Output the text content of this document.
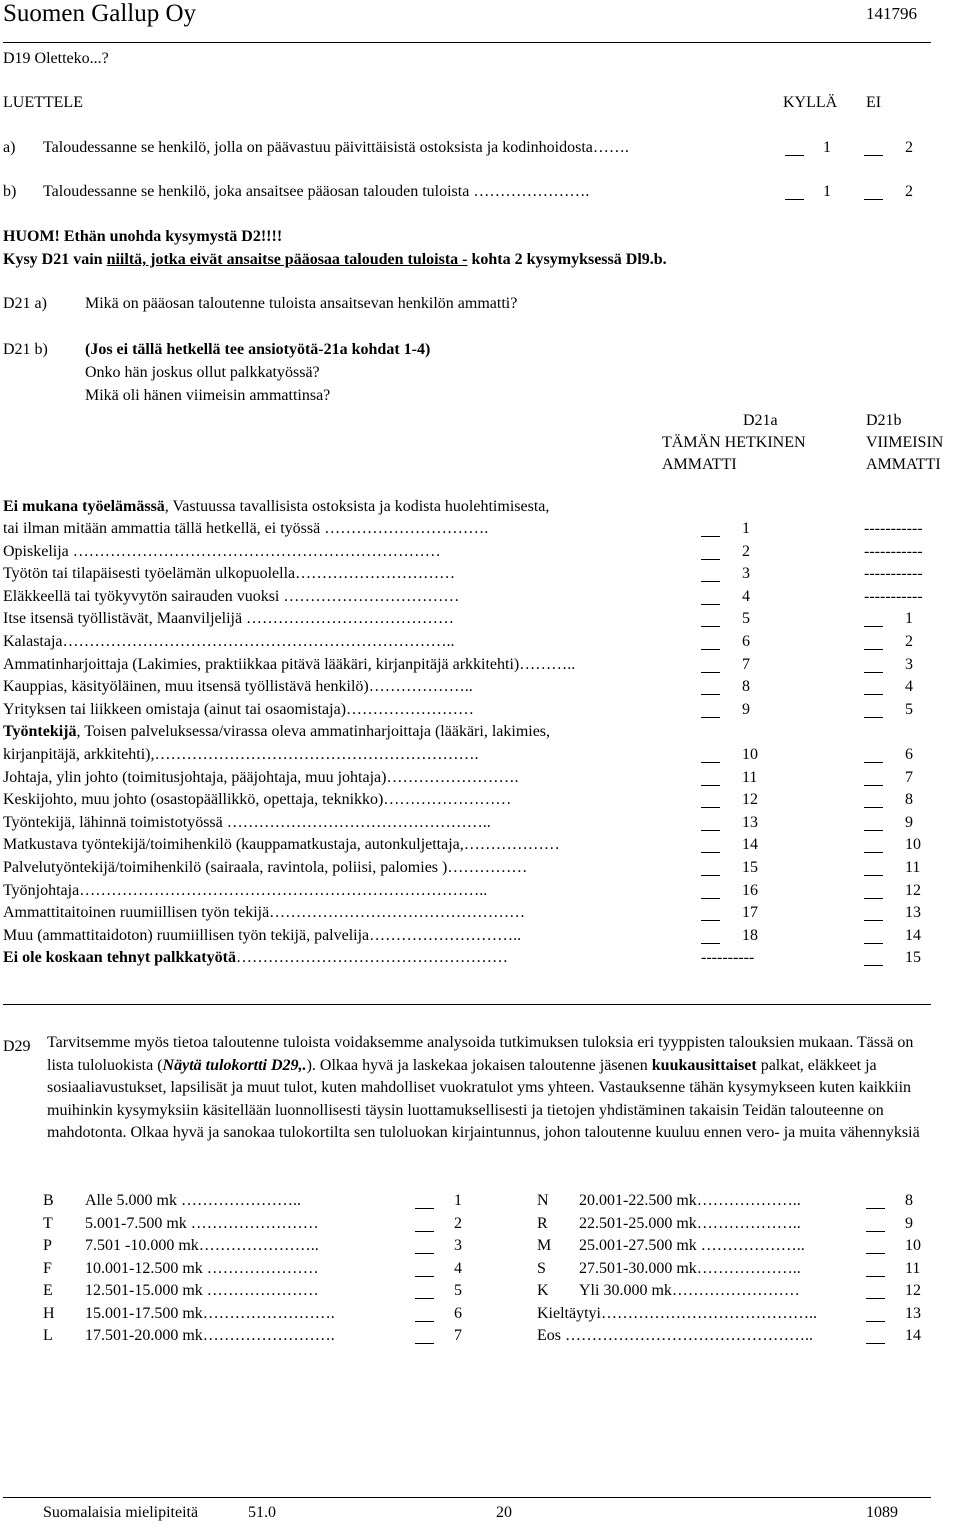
Suomen Gallup Oy	141796
D19 Oletteko...?
LUETTELE	KYLLÄ EI
a) Taloudessanne se henkilö, jolla on päävastuu päivittäisistä ostoksista ja kodinhoidosta…….	1	2
b) Taloudessanne se henkilö, joka ansaitsee pääosan talouden tuloista ………………….	1	2
HUOM! Ethän unohda kysymystä D2!!!!
Kysy D21 vain niiltä, jotka eivät ansaitse pääosaa talouden tuloista - kohta 2 kysymyksessä Dl9.b.
D21 a) Mikä on pääosan taloutenne tuloista ansaitsevan henkilön ammatti?
D21 b) (Jos ei tällä hetkellä tee ansiotyötä-21a kohdat 1-4)
Onko hän joskus ollut palkkatyössä?
Mikä oli hänen viimeisin ammattinsa?
D21a
TÄMÄN HETKINEN
AMMATTI
D21b
VIIMEISIN
AMMATTI
Ei mukana työelämässä, Vastuussa tavallisista ostoksista ja kodista huolehtimisesta,
tai ilman mitään ammattia tällä hetkellä, ei työssä ………………………….	1	-----------
Opiskelija ……………………………………………………………	2	-----------
Työtön tai tilapäisesti työelämän ulkopuolella…………………………	3	-----------
Eläkkeellä tai työkyvytön sairauden vuoksi ……………………………	4	-----------
Itse itsensä työllistävät, Maanviljelijä …………………………………	5	1
Kalastaja………………………………………………………………..	6	2
Ammatinharjoittaja (Lakimies, praktiikkaa pitävä lääkäri, kirjanpitäjä arkkitehti)………..	7	3
Kauppias, käsityöläinen, muu itsensä työllistävä henkilö)………………..	8	4
Yrityksen tai liikkeen omistaja (ainut tai osaomistaja)……………………	9	5
Työntekijä, Toisen palveluksessa/virassa oleva ammatinharjoittaja (lääkäri, lakimies,
kirjanpitäjä, arkkitehti),…………………………………………………….	10	6
Johtaja, ylin johto (toimitusjohtaja, pääjohtaja, muu johtaja)…………………….	11	7
Keskijohto, muu johto (osastopäällikkö, opettaja, teknikko)……………………	12	8
Työntekijä, lähinnä toimistotyössä …………………………………………..	13	9
Matkustava työntekijä/toimihenkilö (kauppamatkustaja, autonkuljettaja,………………	14	10
Palvelutyöntekijä/toimihenkilö (sairaala, ravintola, poliisi, palomies )……………	15	11
Työnjohtaja…………………………………………………………………..	16	12
Ammattitaitoinen ruumiillisen työn tekijä…………………………………………	17	13
Muu (ammattitaidoton) ruumiillisen työn tekijä, palvelija………………………..	18	14
Ei ole koskaan tehnyt palkkatyötä……………………………………………	----------	15
D29 Tarvitsemme myös tietoa taloutenne tuloista voidaksemme analysoida tutkimuksen tuloksia eri tyyppisten talouksien mukaan. Tässä on lista tuloluokista (Näytä tulokortti D29,.). Olkaa hyvä ja laskekaa jokaisen taloutenne jäsenen kuukausittaiset palkat, eläkkeet ja sosiaaliavustukset, lapsilisät ja muut tulot, kuten mahdolliset vuokratulot yms yhteen. Vastauksenne tähän kysymykseen kuten kaikkiin muihinkin kysymyksiin käsitellään luonnollisesti täysin luottamuksellisesti ja tietojen yhdistäminen takaisin Teidän talouteenne on mahdotonta. Olkaa hyvä ja sanokaa tulokortilta sen tuloluokan kirjaintunnus, johon taloutenne kuuluu ennen vero- ja muita vähennyksiä
B Alle 5.000 mk …………………..	1
T 5.001-7.500 mk ……………………	2
P 7.501 -10.000 mk…………………..	3
F 10.001-12.500 mk …………………	4
E 12.501-15.000 mk …………………	5
H 15.001-17.500 mk…………………….	6
L 17.501-20.000 mk…………………….	7
N 20.001-22.500 mk………………..	8
R 22.501-25.000 mk………………..	9
M 25.001-27.500 mk ………………..	10
S 27.501-30.000 mk………………..	11
K Yli 30.000 mk……………………	12
Kieltäytyi…………………………………..	13
Eos ………………………………………..	14
Suomalaisia mielipiteitä	51.0	20	1089
